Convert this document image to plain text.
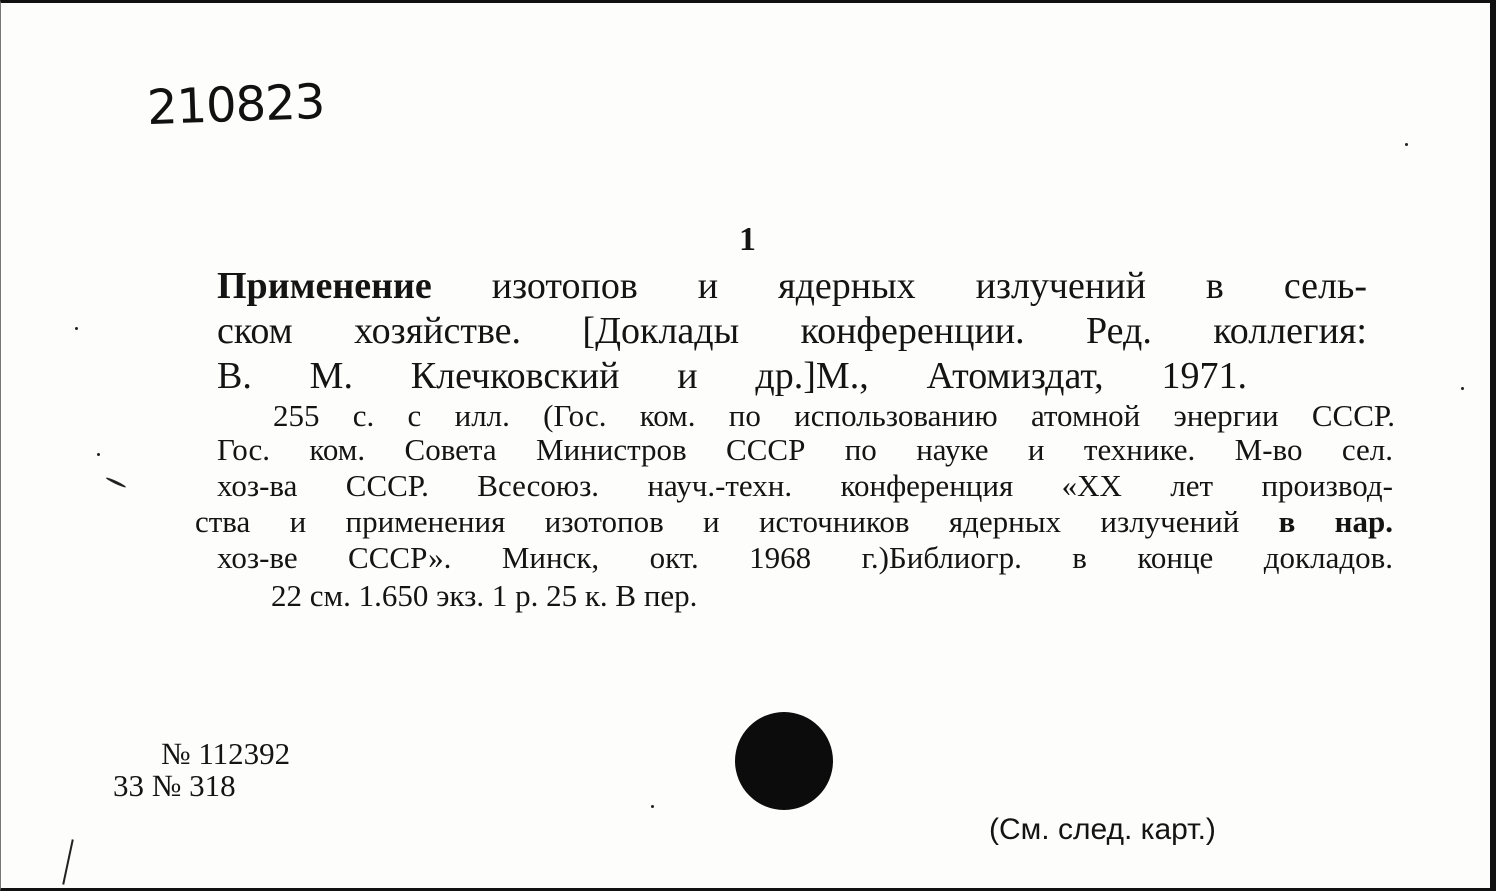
210823
1
Применение изотопов и ядерных излучений в сель-
ском хозяйстве. [Доклады конференции. Ред. коллегия:
В. М. Клечковский и др.]М., Атомиздат, 1971.
255 с. с илл. (Гос. ком. по использованию атомной энергии СССР.
Гос. ком. Совета Министров СССР по науке и технике. М-во сел.
хоз-ва СССР. Всесоюз. науч.-техн. конференция «XX лет производ-
ства и применения изотопов и источников ядерных излучений в нар.
хоз-ве СССР». Минск, окт. 1968 г.)Библиогр. в конце докладов.
22 см. 1.650 экз. 1 р. 25 к. В пер.
№ 112392
33 № 318
(См. след. карт.)
